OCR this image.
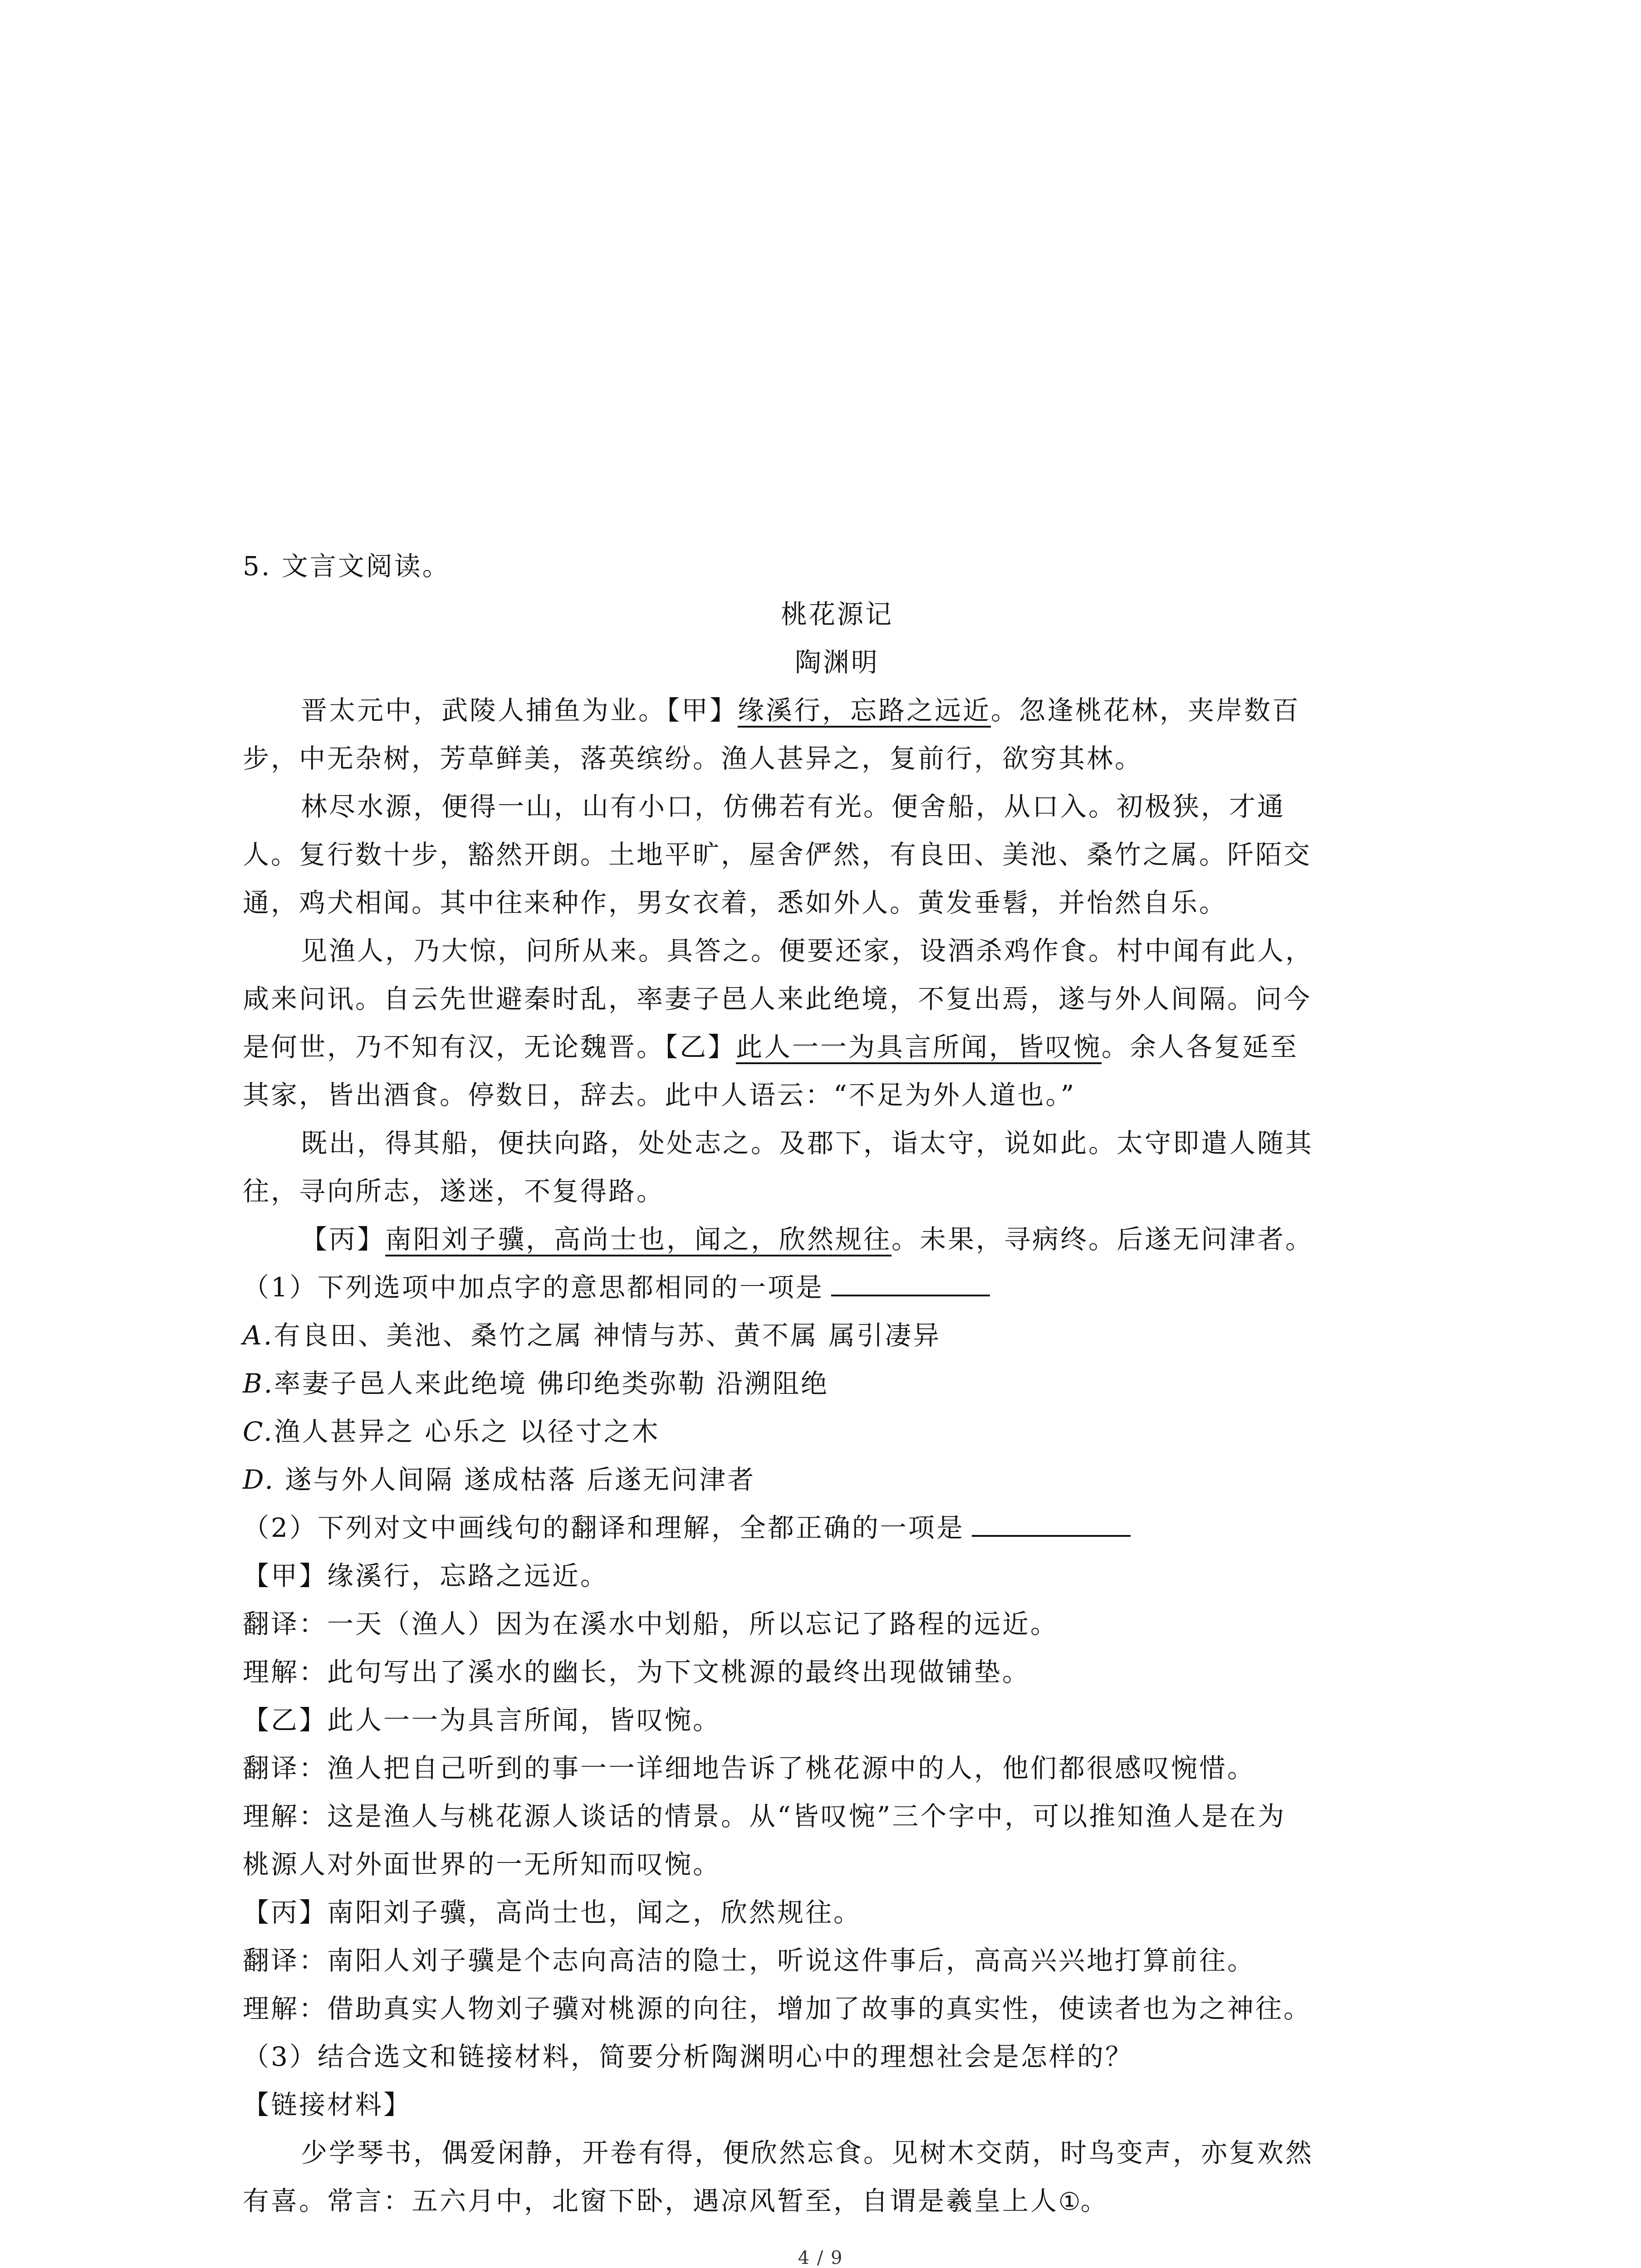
5. 文言文阅读。
桃花源记
陶渊明
晋太元中，武陵人捕鱼为业。【甲】缘溪行，忘路之远近。忽逢桃花林，夹岸数百
步，中无杂树，芳草鲜美，落英缤纷。渔人甚异之，复前行，欲穷其林。
林尽水源，便得一山，山有小口，仿佛若有光。便舍船，从口入。初极狭，才通
人。复行数十步，豁然开朗。土地平旷，屋舍俨然，有良田、美池、桑竹之属。阡陌交
通，鸡犬相闻。其中往来种作，男女衣着，悉如外人。黄发垂髫，并怡然自乐。
见渔人，乃大惊，问所从来。具答之。便要还家，设酒杀鸡作食。村中闻有此人，
咸来问讯。自云先世避秦时乱，率妻子邑人来此绝境，不复出焉，遂与外人间隔。问今
是何世，乃不知有汉，无论魏晋。【乙】此人一一为具言所闻，皆叹惋。余人各复延至
其家，皆出酒食。停数日，辞去。此中人语云：“不足为外人道也。”
既出，得其船，便扶向路，处处志之。及郡下，诣太守，说如此。太守即遣人随其
往，寻向所志，遂迷，不复得路。
【丙】南阳刘子骥，高尚士也，闻之，欣然规往。未果，寻病终。后遂无问津者。
（1）下列选项中加点字的意思都相同的一项是
A.有良田、美池、桑竹之属 神情与苏、黄不属 属引凄异
B.率妻子邑人来此绝境 佛印绝类弥勒 沿溯阻绝
C.渔人甚异之 心乐之 以径寸之木
D. 遂与外人间隔 遂成枯落 后遂无问津者
（2）下列对文中画线句的翻译和理解，全都正确的一项是
【甲】缘溪行，忘路之远近。
翻译：一天（渔人）因为在溪水中划船，所以忘记了路程的远近。
理解：此句写出了溪水的幽长，为下文桃源的最终出现做铺垫。
【乙】此人一一为具言所闻，皆叹惋。
翻译：渔人把自己听到的事一一详细地告诉了桃花源中的人，他们都很感叹惋惜。
理解：这是渔人与桃花源人谈话的情景。从“皆叹惋”三个字中，可以推知渔人是在为
桃源人对外面世界的一无所知而叹惋。
【丙】南阳刘子骥，高尚士也，闻之，欣然规往。
翻译：南阳人刘子骥是个志向高洁的隐士，听说这件事后，高高兴兴地打算前往。
理解：借助真实人物刘子骥对桃源的向往，增加了故事的真实性，使读者也为之神往。
（3）结合选文和链接材料，简要分析陶渊明心中的理想社会是怎样的？
【链接材料】
少学琴书，偶爱闲静，开卷有得，便欣然忘食。见树木交荫，时鸟变声，亦复欢然
有喜。常言：五六月中，北窗下卧，遇凉风暂至，自谓是羲皇上人①。
4 / 9
